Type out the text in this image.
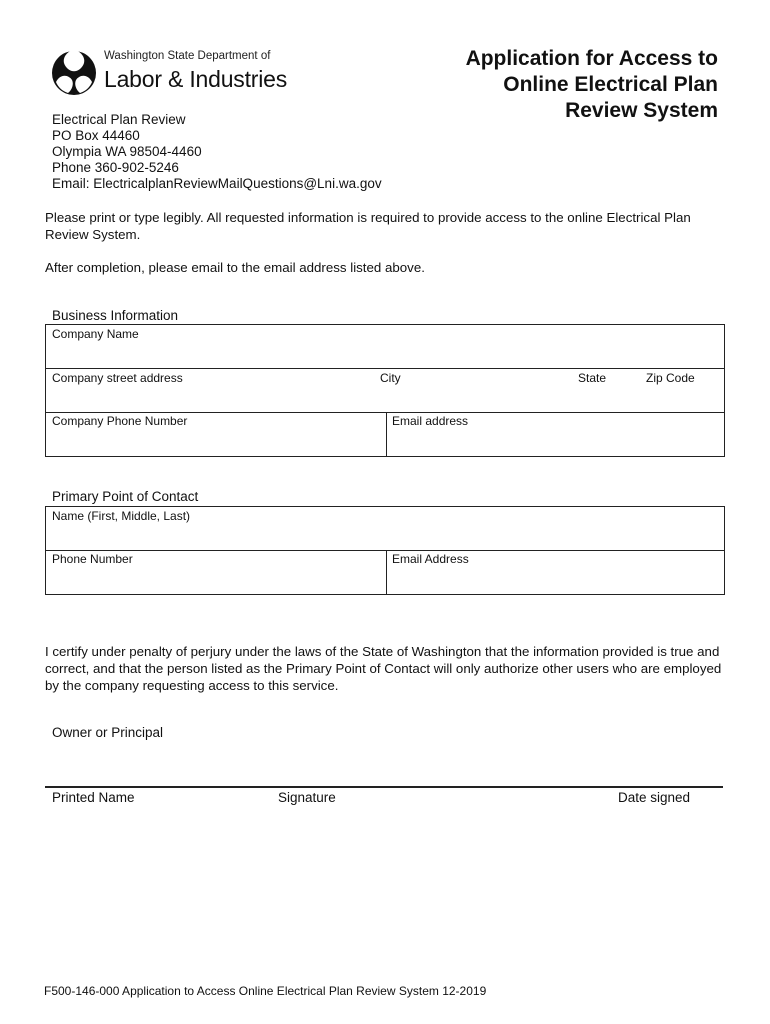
Washington State Department of
Labor & Industries
Application for Access to
Online Electrical Plan
Review System
Electrical Plan Review
PO Box 44460
Olympia WA 98504-4460
Phone 360-902-5246
Email: ElectricalplanReviewMailQuestions@Lni.wa.gov
Please print or type legibly. All requested information is required to provide access to the online Electrical Plan Review System.
After completion, please email to the email address listed above.
Business Information
Company Name
Company street address	City	State	Zip Code
Company Phone Number	Email address
Primary Point of Contact
Name (First, Middle, Last)
Phone Number	Email Address
I certify under penalty of perjury under the laws of the State of Washington that the information provided is true and correct, and that the person listed as the Primary Point of Contact will only authorize other users who are employed by the company requesting access to this service.
Owner or Principal
Printed Name	Signature	Date signed
F500-146-000 Application to Access Online Electrical Plan Review System 12-2019
